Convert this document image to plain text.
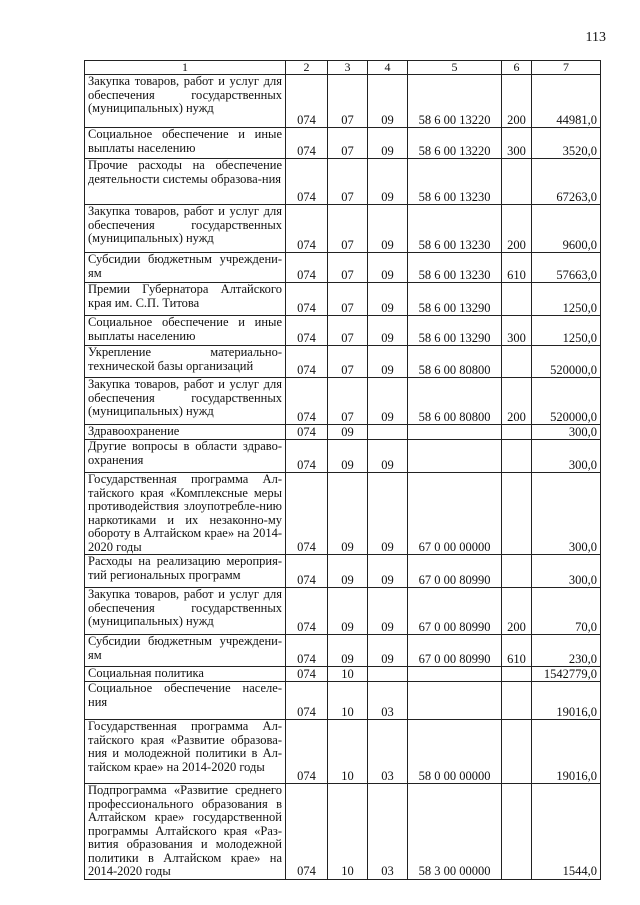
113
1	2	3	4	5	6	7
Закупка товаров, работ и услуг для обеспечения государственных (муниципальных) нужд	074	07	09	58 6 00 13220	200	44981,0
Социальное обеспечение и иные выплаты населению	074	07	09	58 6 00 13220	300	3520,0
Прочие расходы на обеспечение деятельности системы образова-ния	074	07	09	58 6 00 13230		67263,0
Закупка товаров, работ и услуг для обеспечения государственных (муниципальных) нужд	074	07	09	58 6 00 13230	200	9600,0
Субсидии бюджетным учреждени-ям	074	07	09	58 6 00 13230	610	57663,0
Премии Губернатора Алтайского края им. С.П. Титова	074	07	09	58 6 00 13290		1250,0
Социальное обеспечение и иные выплаты населению	074	07	09	58 6 00 13290	300	1250,0
Укрепление материально-технической базы организаций	074	07	09	58 6 00 80800		520000,0
Закупка товаров, работ и услуг для обеспечения государственных (муниципальных) нужд	074	07	09	58 6 00 80800	200	520000,0
Здравоохранение	074	09				300,0
Другие вопросы в области здраво-охранения	074	09	09			300,0
Государственная программа Ал-тайского края «Комплексные меры противодействия злоупотребле-нию наркотиками и их незаконно-му обороту в Алтайском крае» на 2014-2020 годы	074	09	09	67 0 00 00000		300,0
Расходы на реализацию мероприя-тий региональных программ	074	09	09	67 0 00 80990		300,0
Закупка товаров, работ и услуг для обеспечения государственных (муниципальных) нужд	074	09	09	67 0 00 80990	200	70,0
Субсидии бюджетным учреждени-ям	074	09	09	67 0 00 80990	610	230,0
Социальная политика	074	10				1542779,0
Социальное обеспечение населе-ния	074	10	03			19016,0
Государственная программа Ал-тайского края «Развитие образова-ния и молодежной политики в Ал-тайском крае» на 2014-2020 годы	074	10	03	58 0 00 00000		19016,0
Подпрограмма «Развитие среднего профессионального образования в Алтайском крае» государственной программы Алтайского края «Раз-вития образования и молодежной политики в Алтайском крае» на 2014-2020 годы	074	10	03	58 3 00 00000		1544,0
